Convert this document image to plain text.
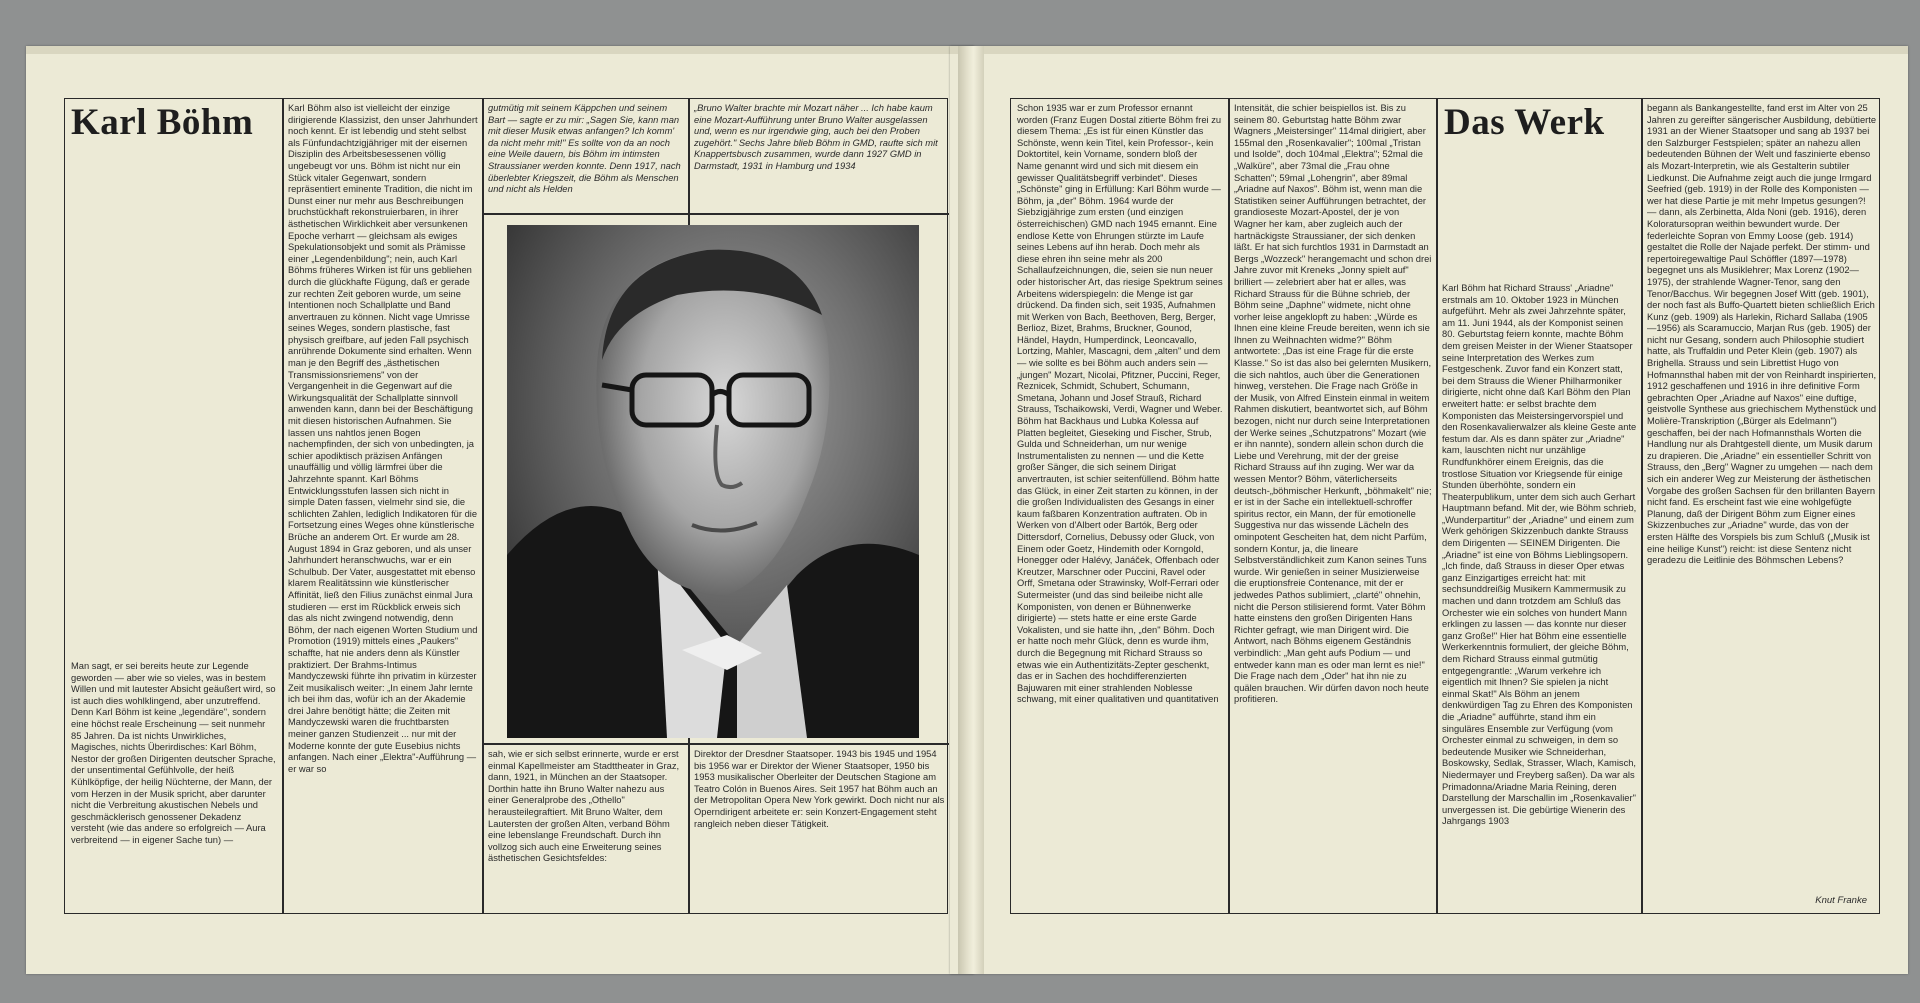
Karl Böhm
Man sagt, er sei bereits heute zur Legende geworden — aber wie so vieles, was in bestem Willen und mit lautester Absicht geäußert wird, so ist auch dies wohlklingend, aber unzutreffend. Denn Karl Böhm ist keine „legendäre", sondern eine höchst reale Erscheinung — seit nunmehr 85 Jahren. Da ist nichts Unwirkliches, Magisches, nichts Überirdisches: Karl Böhm, Nestor der großen Dirigenten deutscher Sprache, der unsentimental Gefühlvolle, der heiß Kühlköpfige, der heilig Nüchterne, der Mann, der vom Herzen in der Musik spricht, aber darunter nicht die Verbreitung akustischen Nebels und geschmäcklerisch genossener Dekadenz versteht (wie das andere so erfolgreich — Aura verbreitend — in eigener Sache tun) —
Karl Böhm also ist vielleicht der einzige dirigierende Klassizist, den unser Jahrhundert noch kennt. Er ist lebendig und steht selbst als Fünfundachtzigjähriger mit der eisernen Disziplin des Arbeitsbesessenen völlig ungebeugt vor uns. Böhm ist nicht nur ein Stück vitaler Gegenwart, sondern repräsentiert eminente Tradition, die nicht im Dunst einer nur mehr aus Beschreibungen bruchstückhaft rekonstruierbaren, in ihrer ästhetischen Wirklichkeit aber versunkenen Epoche verharrt — gleichsam als ewiges Spekulationsobjekt und somit als Prämisse einer „Legendenbildung"; nein, auch Karl Böhms früheres Wirken ist für uns gebliehen durch die glückhafte Fügung, daß er gerade zur rechten Zeit geboren wurde, um seine Intentionen noch Schallplatte und Band anvertrauen zu können. Nicht vage Umrisse seines Weges, sondern plastische, fast physisch greifbare, auf jeden Fall psychisch anrührende Dokumente sind erhalten. Wenn man je den Begriff des „ästhetischen Transmissionsriemens" von der Vergangenheit in die Gegenwart auf die Wirkungsqualität der Schallplatte sinnvoll anwenden kann, dann bei der Beschäftigung mit diesen historischen Aufnahmen. Sie lassen uns nahtlos jenen Bogen nachempfinden, der sich von unbedingten, ja schier apodiktisch präzisen Anfängen unauffällig und völlig lärmfrei über die Jahrzehnte spannt. Karl Böhms Entwicklungsstufen lassen sich nicht in simple Daten fassen, vielmehr sind sie, die schlichten Zahlen, lediglich Indikatoren für die Fortsetzung eines Weges ohne künstlerische Brüche an anderem Ort. Er wurde am 28. August 1894 in Graz geboren, und als unser Jahrhundert heranschwuchs, war er ein Schulbub. Der Vater, ausgestattet mit ebenso klarem Realitätssinn wie künstlerischer Affinität, ließ den Filius zunächst einmal Jura studieren — erst im Rückblick erweis sich das als nicht zwingend notwendig, denn Böhm, der nach eigenen Worten Studium und Promotion (1919) mittels eines „Paukers" schaffte, hat nie anders denn als Künstler praktiziert. Der Brahms-Intimus Mandyczewski führte ihn privatim in kürzester Zeit musikalisch weiter: „In einem Jahr lernte ich bei ihm das, wofür ich an der Akademie drei Jahre benötigt hätte; die Zeiten mit Mandyczewski waren die fruchtbarsten meiner ganzen Studienzeit ... nur mit der Moderne konnte der gute Eusebius nichts anfangen. Nach einer „Elektra"-Aufführung — er war so
gutmütig mit seinem Käppchen und seinem Bart — sagte er zu mir: „Sagen Sie, kann man mit dieser Musik etwas anfangen? Ich komm' da nicht mehr mit!" Es sollte von da an noch eine Weile dauern, bis Böhm im intimsten Straussianer werden konnte. Denn 1917, nach überlebter Kriegszeit, die Böhm als Menschen und nicht als Helden
„Bruno Walter brachte mir Mozart näher ... Ich habe kaum eine Mozart-Aufführung unter Bruno Walter ausgelassen und, wenn es nur irgendwie ging, auch bei den Proben zugehört." Sechs Jahre blieb Böhm in GMD, raufte sich mit Knappertsbusch zusammen, wurde dann 1927 GMD in Darmstadt, 1931 in Hamburg und 1934
sah, wie er sich selbst erinnerte, wurde er erst einmal Kapellmeister am Stadttheater in Graz, dann, 1921, in München an der Staatsoper. Dorthin hatte ihn Bruno Walter nahezu aus einer Generalprobe des „Othello" herausteilegraftiert. Mit Bruno Walter, dem Lautersten der großen Alten, verband Böhm eine lebenslange Freundschaft. Durch ihn vollzog sich auch eine Erweiterung seines ästhetischen Gesichtsfeldes:
Direktor der Dresdner Staatsoper. 1943 bis 1945 und 1954 bis 1956 war er Direktor der Wiener Staatsoper, 1950 bis 1953 musikalischer Oberleiter der Deutschen Stagione am Teatro Colón in Buenos Aires. Seit 1957 hat Böhm auch an der Metropolitan Opera New York gewirkt. Doch nicht nur als Operndirigent arbeitete er: sein Konzert-Engagement steht rangleich neben dieser Tätigkeit.
Schon 1935 war er zum Professor ernannt worden (Franz Eugen Dostal zitierte Böhm frei zu diesem Thema: „Es ist für einen Künstler das Schönste, wenn kein Titel, kein Professor-, kein Doktortitel, kein Vorname, sondern bloß der Name genannt wird und sich mit diesem ein gewisser Qualitätsbegriff verbindet". Dieses „Schönste" ging in Erfüllung: Karl Böhm wurde — Böhm, ja „der" Böhm. 1964 wurde der Siebzigjährige zum ersten (und einzigen österreichischen) GMD nach 1945 ernannt. Eine endlose Kette von Ehrungen stürzte im Laufe seines Lebens auf ihn herab. Doch mehr als diese ehren ihn seine mehr als 200 Schallaufzeichnungen, die, seien sie nun neuer oder historischer Art, das riesige Spektrum seines Arbeitens widerspiegeln: die Menge ist gar drückend. Da finden sich, seit 1935, Aufnahmen mit Werken von Bach, Beethoven, Berg, Berger, Berlioz, Bizet, Brahms, Bruckner, Gounod, Händel, Haydn, Humperdinck, Leoncavallo, Lortzing, Mahler, Mascagni, dem „alten" und dem — wie sollte es bei Böhm auch anders sein — „jungen" Mozart, Nicolai, Pfitzner, Puccini, Reger, Reznicek, Schmidt, Schubert, Schumann, Smetana, Johann und Josef Strauß, Richard Strauss, Tschaikowski, Verdi, Wagner und Weber. Böhm hat Backhaus und Lubka Kolessa auf Platten begleitet, Gieseking und Fischer, Strub, Gulda und Schneiderhan, um nur wenige Instrumentalisten zu nennen — und die Kette großer Sänger, die sich seinem Dirigat anvertrauten, ist schier seitenfüllend. Böhm hatte das Glück, in einer Zeit starten zu können, in der die großen Individualisten des Gesangs in einer kaum faßbaren Konzentration auftraten. Ob in Werken von d'Albert oder Bartók, Berg oder Dittersdorf, Cornelius, Debussy oder Gluck, von Einem oder Goetz, Hindemith oder Korngold, Honegger oder Halévy, Janáček, Offenbach oder Kreutzer, Marschner oder Puccini, Ravel oder Orff, Smetana oder Strawinsky, Wolf-Ferrari oder Sutermeister (und das sind beileibe nicht alle Komponisten, von denen er Bühnenwerke dirigierte) — stets hatte er eine erste Garde Vokalisten, und sie hatte ihn, „den" Böhm. Doch er hatte noch mehr Glück, denn es wurde ihm, durch die Begegnung mit Richard Strauss so etwas wie ein Authentizitäts-Zepter geschenkt, das er in Sachen des hochdifferenzierten Bajuwaren mit einer strahlenden Noblesse schwang, mit einer qualitativen und quantitativen
Intensität, die schier beispiellos ist. Bis zu seinem 80. Geburtstag hatte Böhm zwar Wagners „Meistersinger" 114mal dirigiert, aber 155mal den „Rosenkavalier"; 100mal „Tristan und Isolde", doch 104mal „Elektra"; 52mal die „Walküre", aber 73mal die „Frau ohne Schatten"; 59mal „Lohengrin", aber 89mal „Ariadne auf Naxos". Böhm ist, wenn man die Statistiken seiner Aufführungen betrachtet, der grandioseste Mozart-Apostel, der je von Wagner her kam, aber zugleich auch der hartnäckigste Straussianer, der sich denken läßt. Er hat sich furchtlos 1931 in Darmstadt an Bergs „Wozzeck" herangemacht und schon drei Jahre zuvor mit Kreneks „Jonny spielt auf" brilliert — zelebriert aber hat er alles, was Richard Strauss für die Bühne schrieb, der Böhm seine „Daphne" widmete, nicht ohne vorher leise angeklopft zu haben: „Würde es Ihnen eine kleine Freude bereiten, wenn ich sie Ihnen zu Weihnachten widme?" Böhm antwortete: „Das ist eine Frage für die erste Klasse." So ist das also bei gelernten Musikern, die sich nahtlos, auch über die Generationen hinweg, verstehen. Die Frage nach Größe in der Musik, von Alfred Einstein einmal in weitem Rahmen diskutiert, beantwortet sich, auf Böhm bezogen, nicht nur durch seine Interpretationen der Werke seines „Schutzpatrons" Mozart (wie er ihn nannte), sondern allein schon durch die Liebe und Verehrung, mit der der greise Richard Strauss auf ihn zuging. Wer war da wessen Mentor? Böhm, väterlicherseits deutsch-„böhmischer Herkunft, „böhmakelt" nie; er ist in der Sache ein intellektuell-schroffer spiritus rector, ein Mann, der für emotionelle Suggestiva nur das wissende Lächeln des ominpotent Gescheiten hat, dem nicht Parfüm, sondern Kontur, ja, die lineare Selbstverständlichkeit zum Kanon seines Tuns wurde. Wir genießen in seiner Musizierweise die eruptionsfreie Contenance, mit der er jedwedes Pathos sublimiert, „clarté" ohnehin, nicht die Person stilisierend formt. Vater Böhm hatte einstens den großen Dirigenten Hans Richter gefragt, wie man Dirigent wird. Die Antwort, nach Böhms eigenem Geständnis verbindlich: „Man geht aufs Podium — und entweder kann man es oder man lernt es nie!" Die Frage nach dem „Oder" hat ihn nie zu quälen brauchen. Wir dürfen davon noch heute profitieren.
Das Werk
Karl Böhm hat Richard Strauss' „Ariadne" erstmals am 10. Oktober 1923 in München aufgeführt. Mehr als zwei Jahrzehnte später, am 11. Juni 1944, als der Komponist seinen 80. Geburtstag feiern konnte, machte Böhm dem greisen Meister in der Wiener Staatsoper seine Interpretation des Werkes zum Festgeschenk. Zuvor fand ein Konzert statt, bei dem Strauss die Wiener Philharmoniker dirigierte, nicht ohne daß Karl Böhm den Plan erweitert hatte: er selbst brachte dem Komponisten das Meistersingervorspiel und den Rosenkavalierwalzer als kleine Geste ante festum dar. Als es dann später zur „Ariadne" kam, lauschten nicht nur unzählige Rundfunkhörer einem Ereignis, das die trostlose Situation vor Kriegsende für einige Stunden überhöhte, sondern ein Theaterpublikum, unter dem sich auch Gerhart Hauptmann befand. Mit der, wie Böhm schrieb, „Wunderpartitur" der „Ariadne" und einem zum Werk gehörigen Skizzenbuch dankte Strauss dem Dirigenten — SEINEM Dirigenten. Die „Ariadne" ist eine von Böhms Lieblingsopern. „Ich finde, daß Strauss in dieser Oper etwas ganz Einzigartiges erreicht hat: mit sechsunddreißig Musikern Kammermusik zu machen und dann trotzdem am Schluß das Orchester wie ein solches von hundert Mann erklingen zu lassen — das konnte nur dieser ganz Große!" Hier hat Böhm eine essentielle Werkerkenntnis formuliert, der gleiche Böhm, dem Richard Strauss einmal gutmütig entgegengrantle: „Warum verkehre ich eigentlich mit Ihnen? Sie spielen ja nicht einmal Skat!" Als Böhm an jenem denkwürdigen Tag zu Ehren des Komponisten die „Ariadne" aufführte, stand ihm ein singuläres Ensemble zur Verfügung (vom Orchester einmal zu schweigen, in dem so bedeutende Musiker wie Schneiderhan, Boskowsky, Sedlak, Strasser, Wlach, Kamisch, Niedermayer und Freyberg saßen). Da war als Primadonna/Ariadne Maria Reining, deren Darstellung der Marschallin im „Rosenkavalier" unvergessen ist. Die gebürtige Wienerin des Jahrgangs 1903
begann als Bankangestellte, fand erst im Alter von 25 Jahren zu gereifter sängerischer Ausbildung, debütierte 1931 an der Wiener Staatsoper und sang ab 1937 bei den Salzburger Festspielen; später an nahezu allen bedeutenden Bühnen der Welt und faszinierte ebenso als Mozart-Interpretin, wie als Gestalterin subtiler Liedkunst. Die Aufnahme zeigt auch die junge Irmgard Seefried (geb. 1919) in der Rolle des Komponisten — wer hat diese Partie je mit mehr Impetus gesungen?! — dann, als Zerbinetta, Alda Noni (geb. 1916), deren Koloratursopran weithin bewundert wurde. Der federleichte Sopran von Emmy Loose (geb. 1914) gestaltet die Rolle der Najade perfekt. Der stimm- und repertoiregewaltige Paul Schöffler (1897—1978) begegnet uns als Musiklehrer; Max Lorenz (1902—1975), der strahlende Wagner-Tenor, sang den Tenor/Bacchus. Wir begegnen Josef Witt (geb. 1901), der noch fast als Buffo-Quartett bieten schließlich Erich Kunz (geb. 1909) als Harlekin, Richard Sallaba (1905—1956) als Scaramuccio, Marjan Rus (geb. 1905) der nicht nur Gesang, sondern auch Philosophie studiert hatte, als Truffaldin und Peter Klein (geb. 1907) als Brighella. Strauss und sein Librettist Hugo von Hofmannsthal haben mit der von Reinhardt inspirierten, 1912 geschaffenen und 1916 in ihre definitive Form gebrachten Oper „Ariadne auf Naxos" eine duftige, geistvolle Synthese aus griechischem Mythenstück und Molière-Transkription („Bürger als Edelmann") geschaffen, bei der nach Hofmannsthals Worten die Handlung nur als Drahtgestell diente, um Musik darum zu drapieren. Die „Ariadne" ein essentieller Schritt von Strauss, den „Berg" Wagner zu umgehen — nach dem sich ein anderer Weg zur Meisterung der ästhetischen Vorgabe des großen Sachsen für den brillanten Bayern nicht fand. Es erscheint fast wie eine wohlgefügte Planung, daß der Dirigent Böhm zum Eigner eines Skizzenbuches zur „Ariadne" wurde, das von der ersten Hälfte des Vorspiels bis zum Schluß („Musik ist eine heilige Kunst") reicht: ist diese Sentenz nicht geradezu die Leitlinie des Böhmschen Lebens?
Knut Franke
